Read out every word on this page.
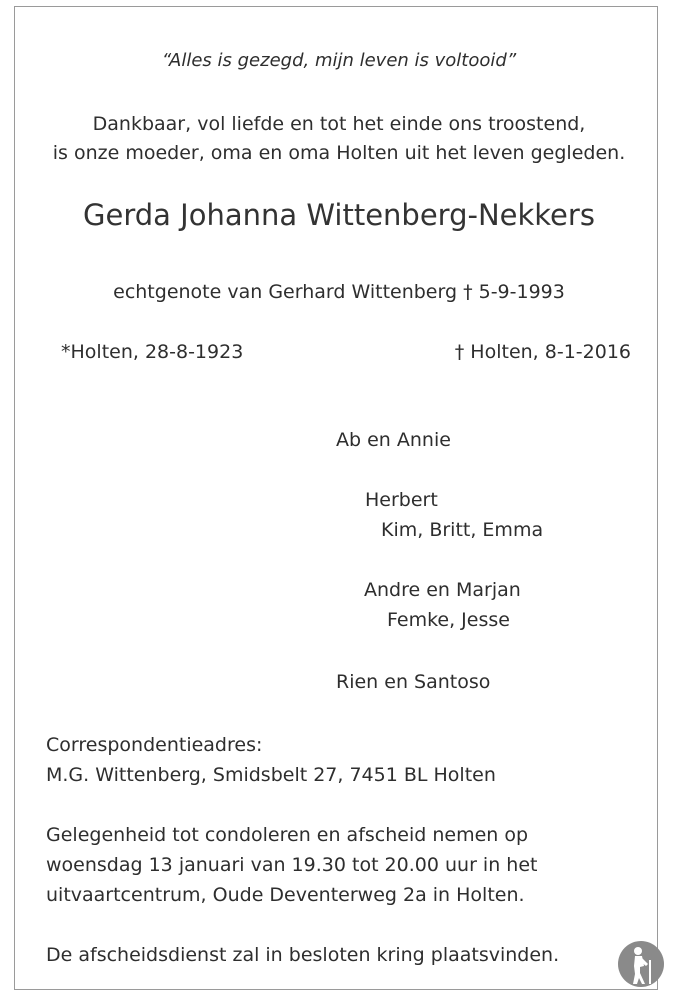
“Alles is gezegd, mijn leven is voltooid”
Dankbaar, vol liefde en tot het einde ons troostend,
is onze moeder, oma en oma Holten uit het leven gegleden.
Gerda Johanna Wittenberg-Nekkers
echtgenote van Gerhard Wittenberg † 5-9-1993
*Holten, 28-8-1923	† Holten, 8-1-2016
Ab en Annie
Herbert
Kim, Britt, Emma
Andre en Marjan
Femke, Jesse
Rien en Santoso
Correspondentieadres:
M.G. Wittenberg, Smidsbelt 27, 7451 BL Holten
Gelegenheid tot condoleren en afscheid nemen op
woensdag 13 januari van 19.30 tot 20.00 uur in het
uitvaartcentrum, Oude Deventerweg 2a in Holten.
De afscheidsdienst zal in besloten kring plaatsvinden.
